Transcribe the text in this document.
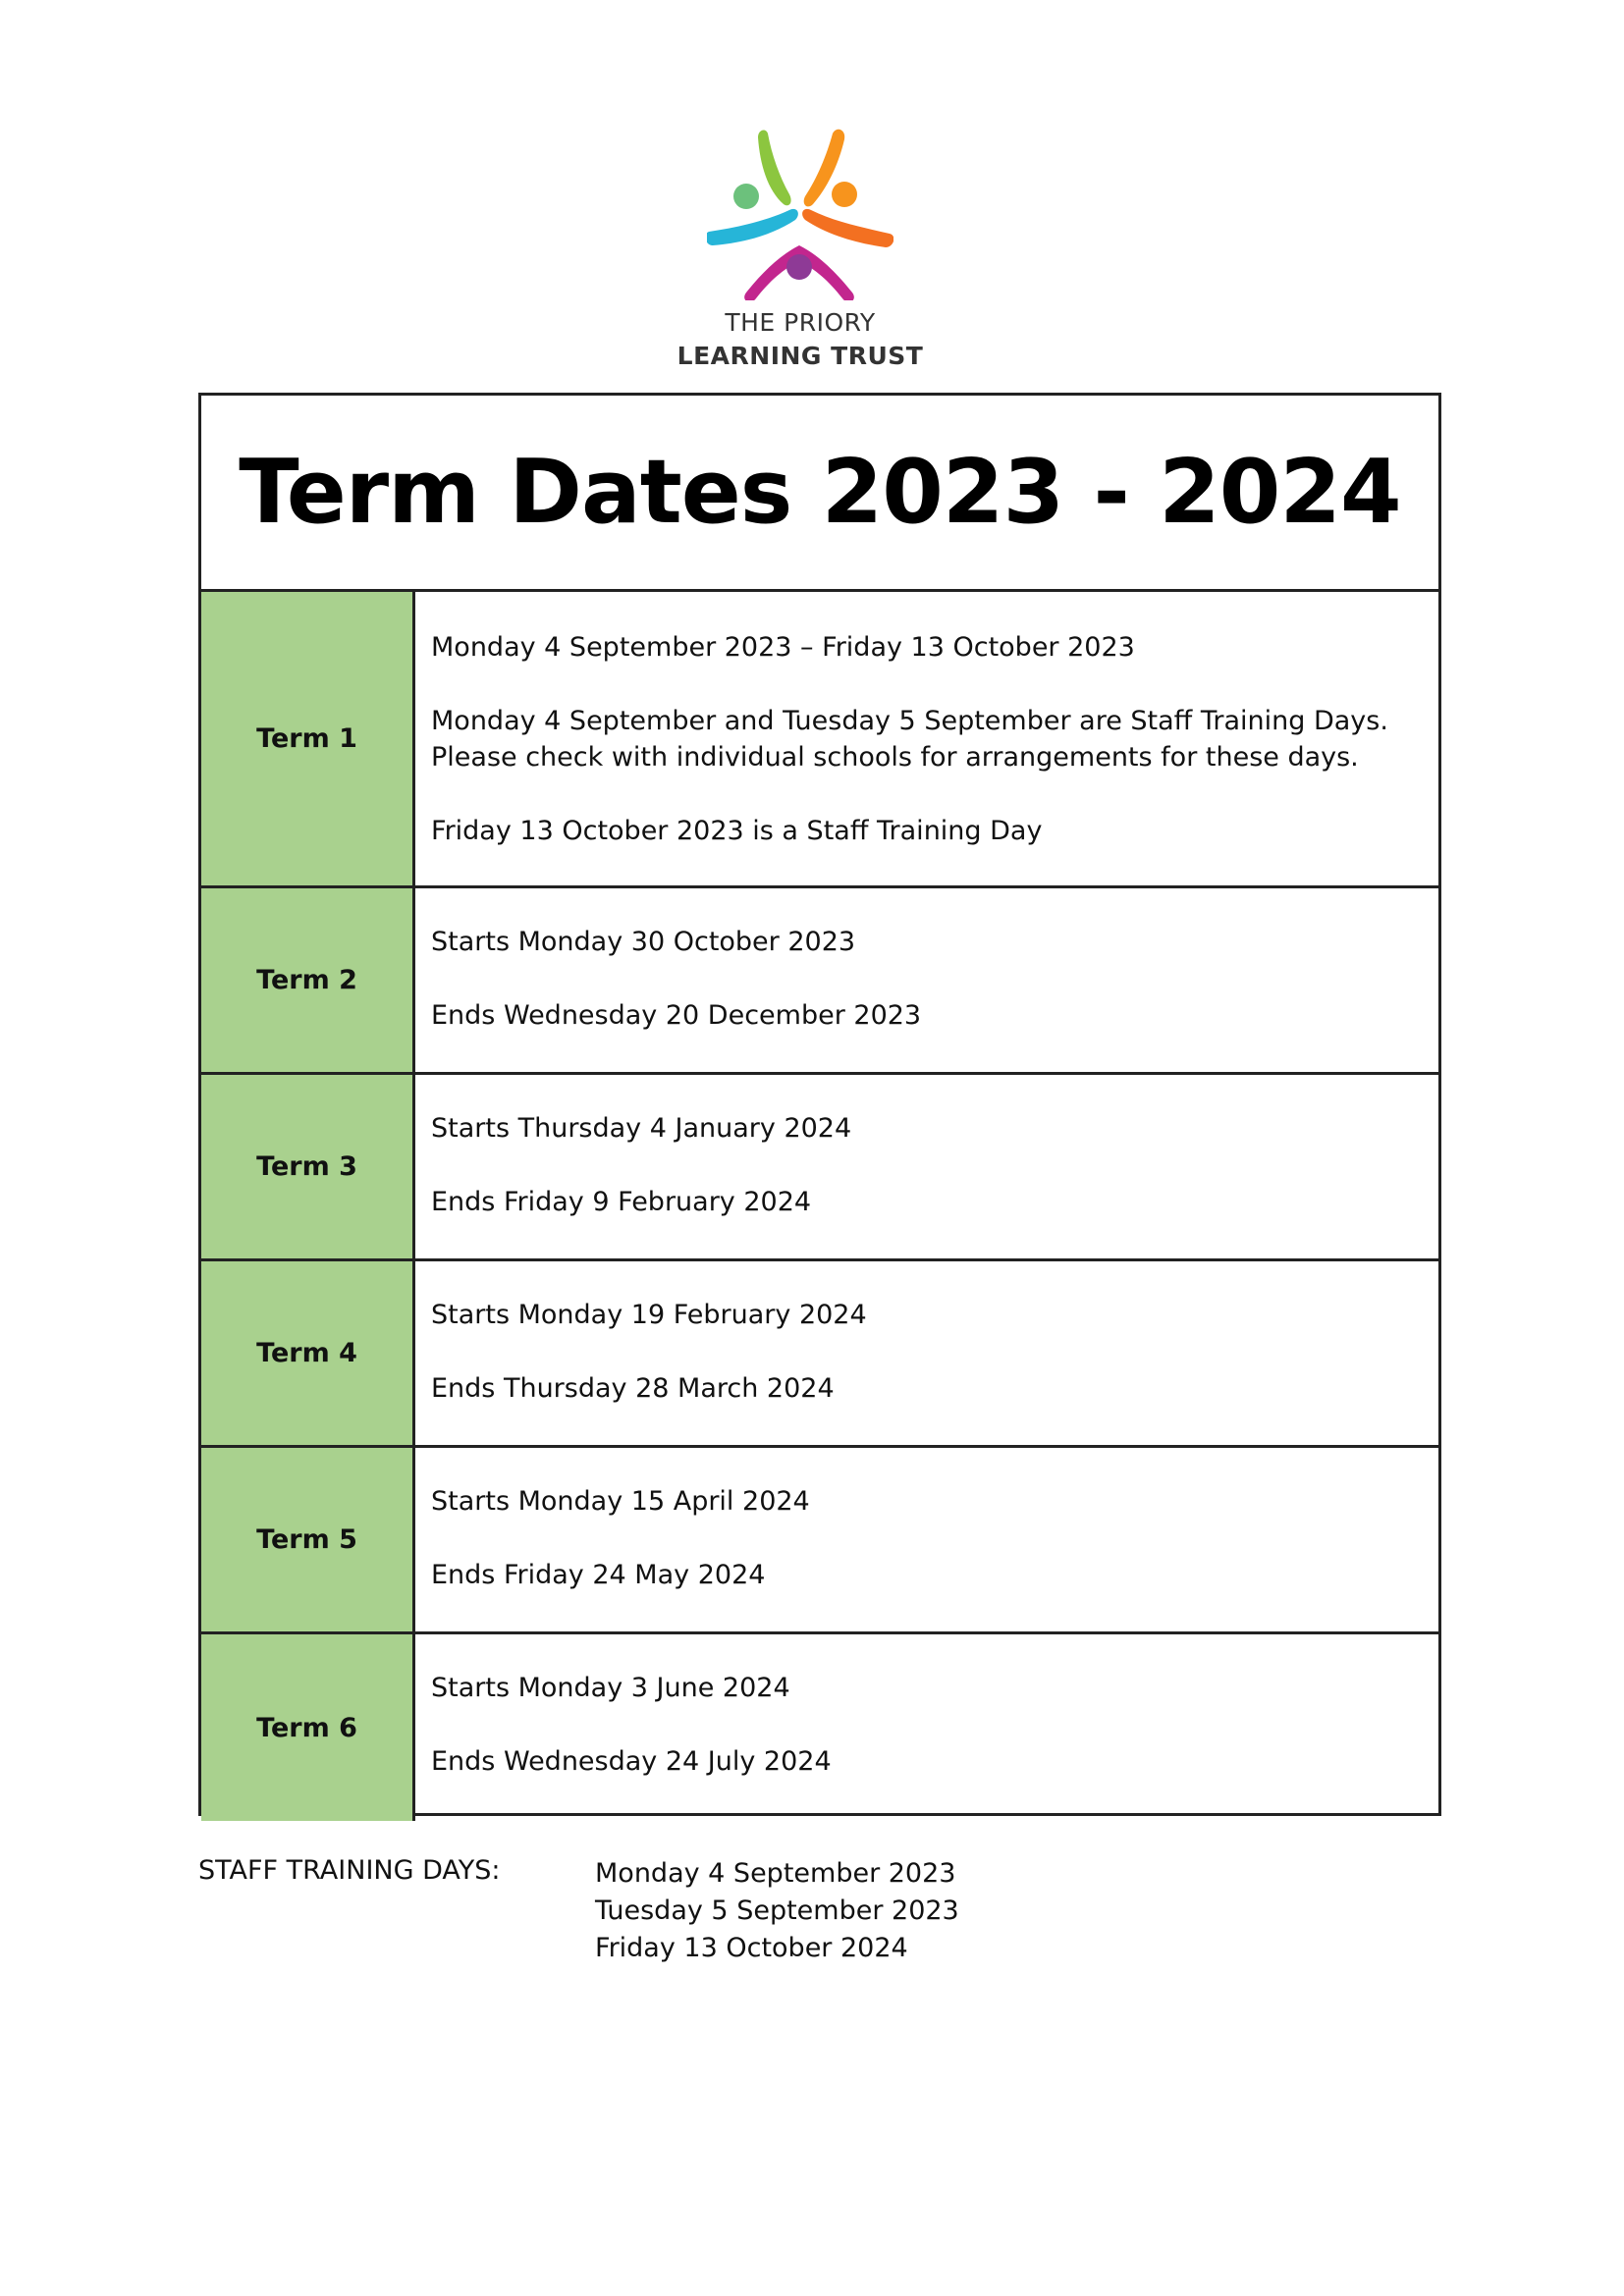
THE PRIORY
LEARNING TRUST
Term Dates 2023 - 2024
Term 1

Monday 4 September 2023 – Friday 13 October 2023

Monday 4 September and Tuesday 5 September are Staff Training Days. Please check with individual schools for arrangements for these days.

Friday 13 October 2023 is a Staff Training Day

Term 2

Starts Monday 30 October 2023

Ends Wednesday 20 December 2023

Term 3

Starts Thursday 4 January 2024

Ends Friday 9 February 2024

Term 4

Starts Monday 19 February 2024

Ends Thursday 28 March 2024

Term 5

Starts Monday 15 April 2024

Ends Friday 24 May 2024

Term 6

Starts Monday 3 June 2024

Ends Wednesday 24 July 2024

STAFF TRAINING DAYS:	Monday 4 September 2023
Tuesday 5 September 2023
Friday 13 October 2024
